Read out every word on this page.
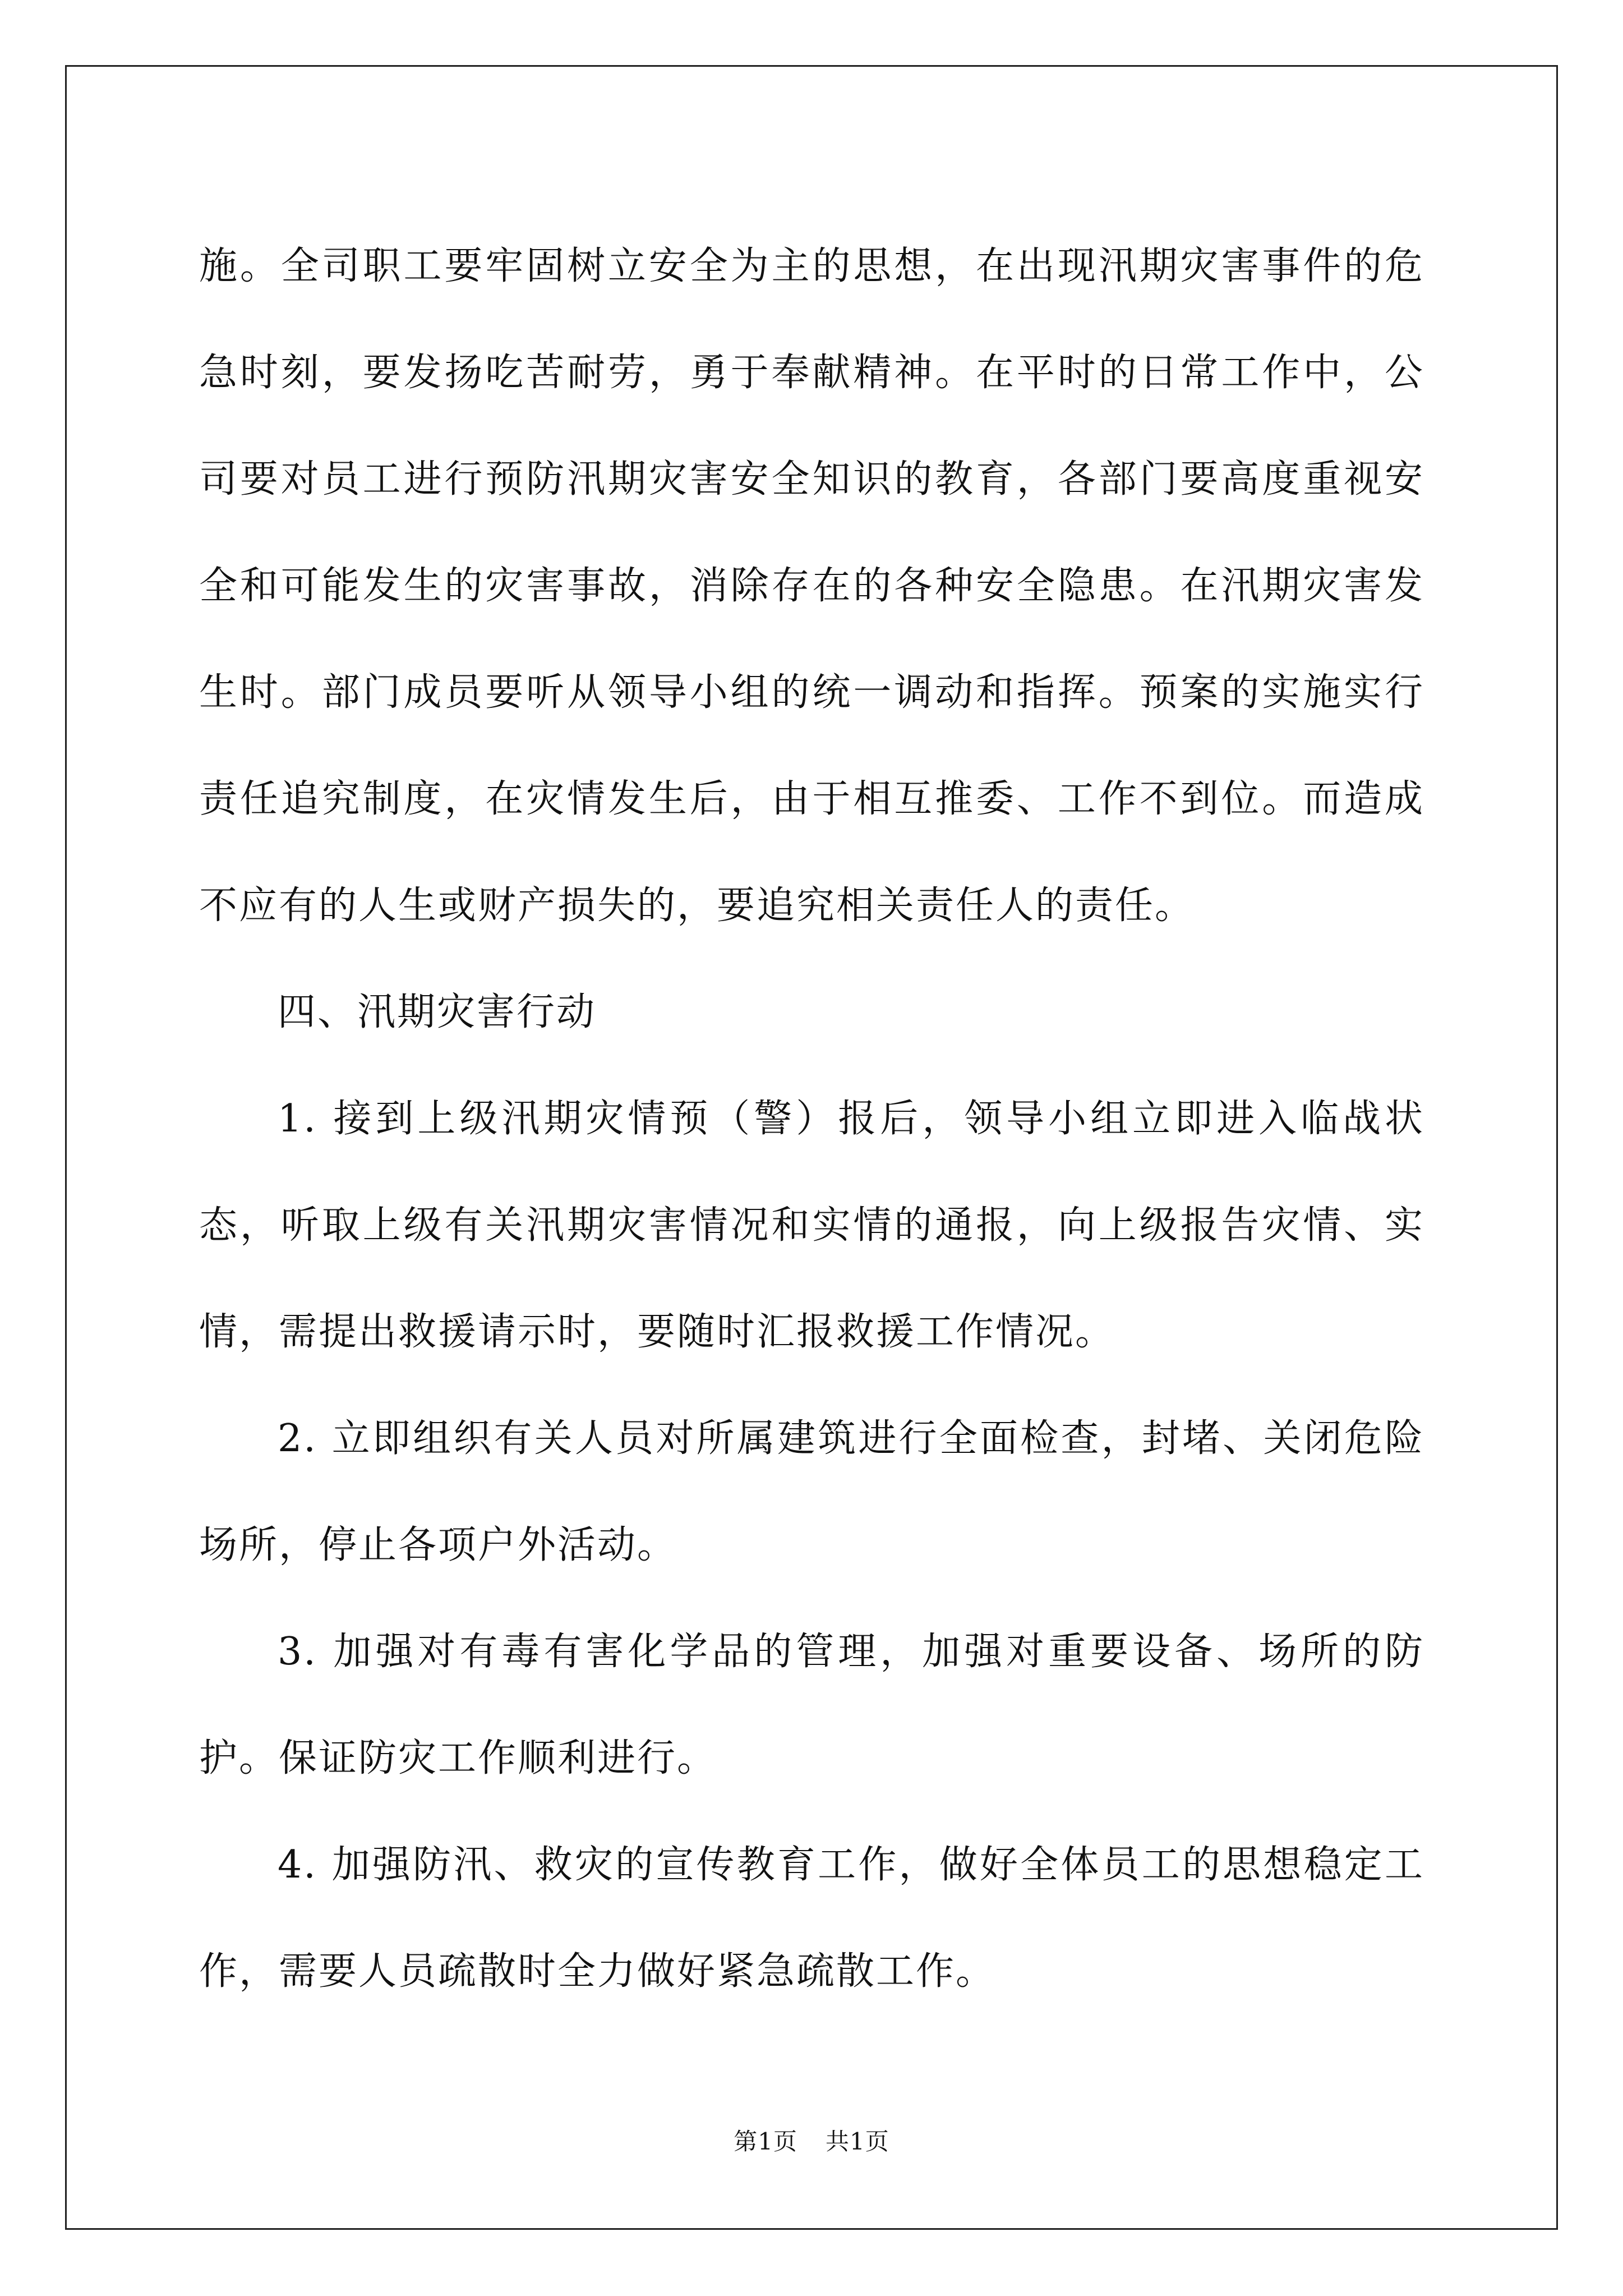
施。全司职工要牢固树立安全为主的思想，在出现汛期灾害事件的危急时刻，要发扬吃苦耐劳，勇于奉献精神。在平时的日常工作中，公司要对员工进行预防汛期灾害安全知识的教育，各部门要高度重视安全和可能发生的灾害事故，消除存在的各种安全隐患。在汛期灾害发生时。部门成员要听从领导小组的统一调动和指挥。预案的实施实行责任追究制度，在灾情发生后，由于相互推委、工作不到位。而造成不应有的人生或财产损失的，要追究相关责任人的责任。

四、汛期灾害行动

1. 接到上级汛期灾情预（警）报后，领导小组立即进入临战状态，听取上级有关汛期灾害情况和实情的通报，向上级报告灾情、实情，需提出救援请示时，要随时汇报救援工作情况。

2. 立即组织有关人员对所属建筑进行全面检查，封堵、关闭危险场所，停止各项户外活动。

3. 加强对有毒有害化学品的管理，加强对重要设备、场所的防护。保证防灾工作顺利进行。

4. 加强防汛、救灾的宣传教育工作，做好全体员工的思想稳定工作，需要人员疏散时全力做好紧急疏散工作。

第1页 共1页
